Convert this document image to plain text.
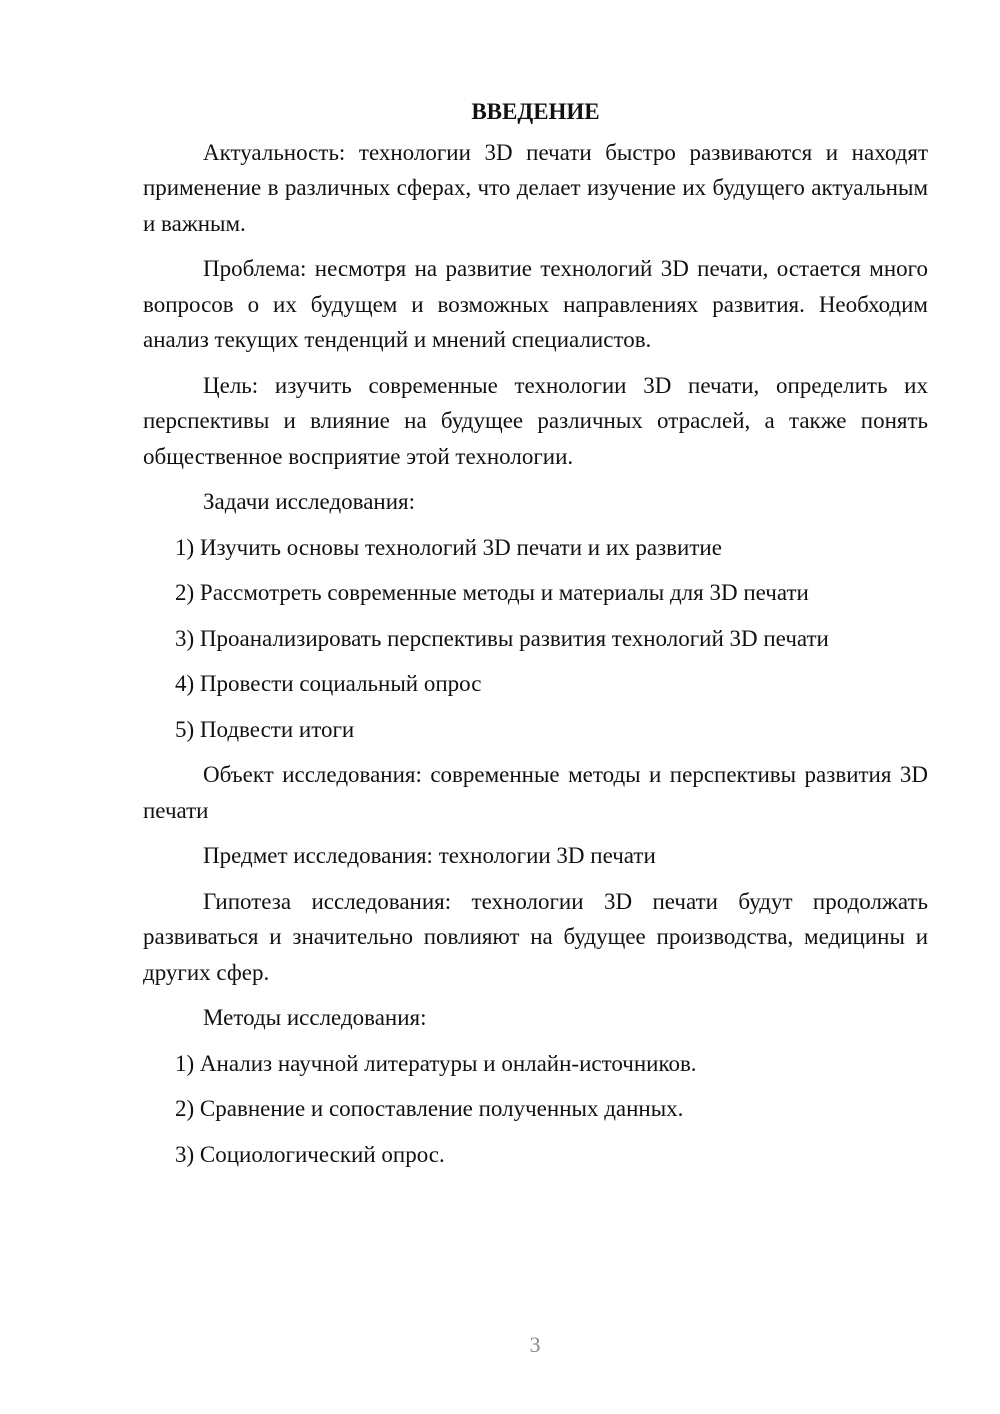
ВВЕДЕНИЕ

Актуальность: технологии 3D печати быстро развиваются и находят применение в различных сферах, что делает изучение их будущего актуальным и важным.

Проблема: несмотря на развитие технологий 3D печати, остается много вопросов о их будущем и возможных направлениях развития. Необходим анализ текущих тенденций и мнений специалистов.

Цель: изучить современные технологии 3D печати, определить их перспективы и влияние на будущее различных отраслей, а также понять общественное восприятие этой технологии.

Задачи исследования:

1) Изучить основы технологий 3D печати и их развитие

2) Рассмотреть современные методы и материалы для 3D печати

3) Проанализировать перспективы развития технологий 3D печати

4) Провести социальный опрос

5) Подвести итоги

Объект исследования: современные методы и перспективы развития 3D печати

Предмет исследования: технологии 3D печати

Гипотеза исследования: технологии 3D печати будут продолжать развиваться и значительно повлияют на будущее производства, медицины и других сфер.

Методы исследования:

1) Анализ научной литературы и онлайн-источников.

2) Сравнение и сопоставление полученных данных.

3) Социологический опрос.

3
